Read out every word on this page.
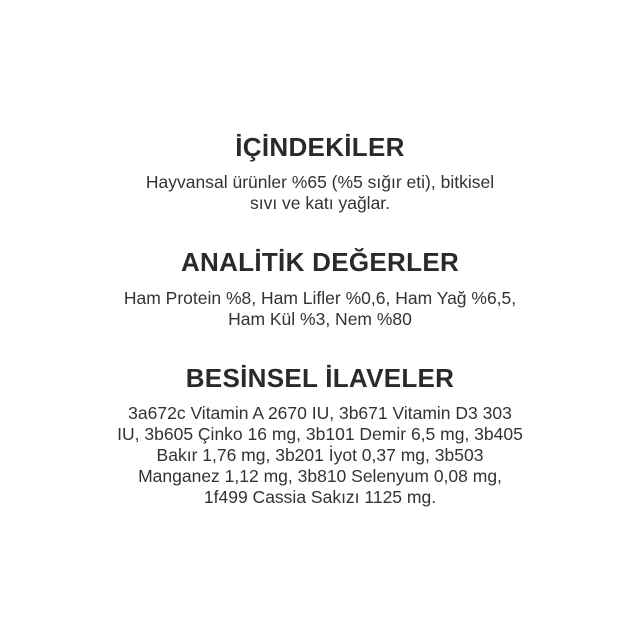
İÇİNDEKİLER

Hayvansal ürünler %65 (%5 sığır eti), bitkisel sıvı ve katı yağlar.

ANALİTİK DEĞERLER

Ham Protein %8, Ham Lifler %0,6, Ham Yağ %6,5, Ham Kül %3, Nem %80

BESİNSEL İLAVELER

3a672c Vitamin A 2670 IU, 3b671 Vitamin D3 303 IU, 3b605 Çinko 16 mg, 3b101 Demir 6,5 mg, 3b405 Bakır 1,76 mg, 3b201 İyot 0,37 mg, 3b503 Manganez 1,12 mg, 3b810 Selenyum 0,08 mg, 1f499 Cassia Sakızı 1125 mg.
